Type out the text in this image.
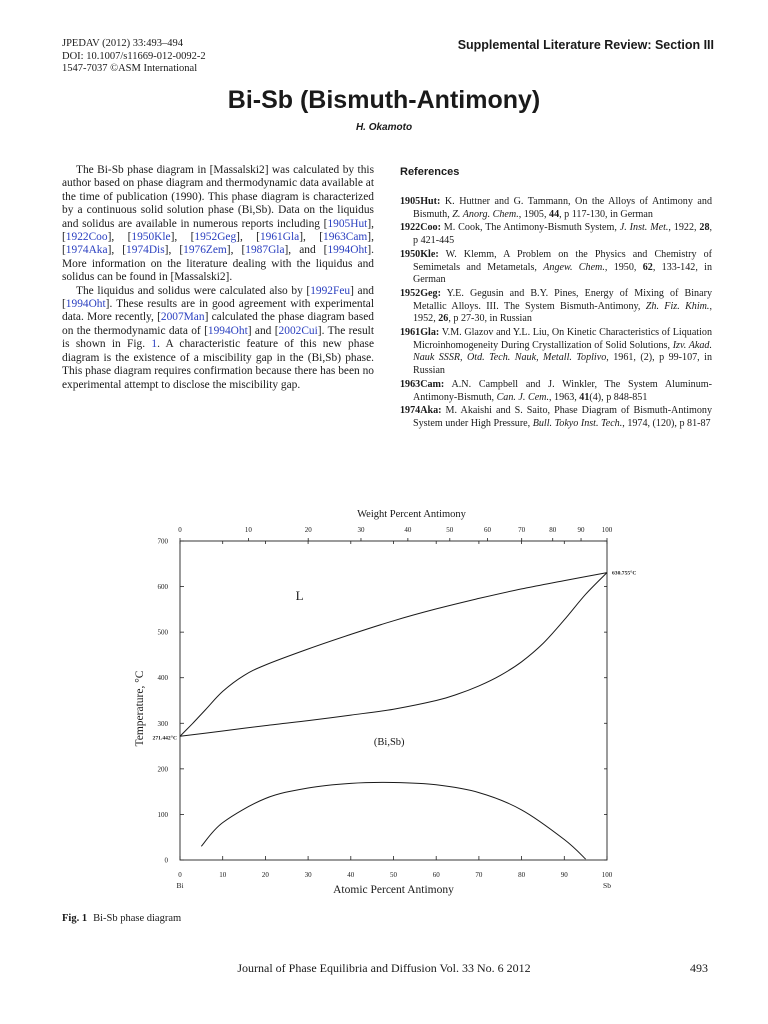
JPEDAV (2012) 33:493–494
DOI: 10.1007/s11669-012-0092-2
1547-7037 ©ASM International
Supplemental Literature Review: Section III
Bi-Sb (Bismuth-Antimony)
H. Okamoto

The Bi-Sb phase diagram in [Massalski2] was calculated by this author based on phase diagram and thermodynamic data available at the time of publication (1990). This phase diagram is characterized by a continuous solid solution phase (Bi,Sb). Data on the liquidus and solidus are available in numerous reports including [1905Hut], [1922Coo], [1950Kle], [1952Geg], [1961Gla], [1963Cam], [1974Aka], [1974Dis], [1976Zem], [1987Gla], and [1994Oht]. More information on the literature dealing with the liquidus and solidus can be found in [Massalski2].

The liquidus and solidus were calculated also by [1992Feu] and [1994Oht]. These results are in good agreement with experimental data. More recently, [2007Man] calculated the phase diagram based on the thermodynamic data of [1994Oht] and [2002Cui]. The result is shown in Fig. 1. A characteristic feature of this new phase diagram is the existence of a miscibility gap in the (Bi,Sb) phase. This phase diagram requires confirmation because there has been no experimental attempt to disclose the miscibility gap.

References
1905Hut: K. Huttner and G. Tammann, On the Alloys of Antimony and Bismuth, Z. Anorg. Chem., 1905, 44, p 117-130, in German
1922Coo: M. Cook, The Antimony-Bismuth System, J. Inst. Met., 1922, 28, p 421-445
1950Kle: W. Klemm, A Problem on the Physics and Chemistry of Semimetals and Metametals, Angew. Chem., 1950, 62, 133-142, in German
1952Geg: Y.E. Gegusin and B.Y. Pines, Energy of Mixing of Binary Metallic Alloys. III. The System Bismuth-Antimony, Zh. Fiz. Khim., 1952, 26, p 27-30, in Russian
1961Gla: V.M. Glazov and Y.L. Liu, On Kinetic Characteristics of Liquation Microinhomogeneity During Crystallization of Solid Solutions, Izv. Akad. Nauk SSSR, Otd. Tech. Nauk, Metall. Toplivo, 1961, (2), p 99-107, in Russian
1963Cam: A.N. Campbell and J. Winkler, The System Aluminum-Antimony-Bismuth, Can. J. Cem., 1963, 41(4), p 848-851
1974Aka: M. Akaishi and S. Saito, Phase Diagram of Bismuth-Antimony System under High Pressure, Bull. Tokyo Inst. Tech., 1974, (120), p 81-87
0	10	20	30	40	50	60	70	80	90	100
0	10	20	30	40	50	60	70	80	90 100
0
100
200
300
400
500
600
700
Weight Percent Antimony
Atomic Percent Antimony
Temperature, °C
Bi	Sb
271.442°C
630.755°C
L
(Bi,Sb)
Fig. 1 Bi-Sb phase diagram
Journal of Phase Equilibria and Diffusion Vol. 33 No. 6 2012	493
